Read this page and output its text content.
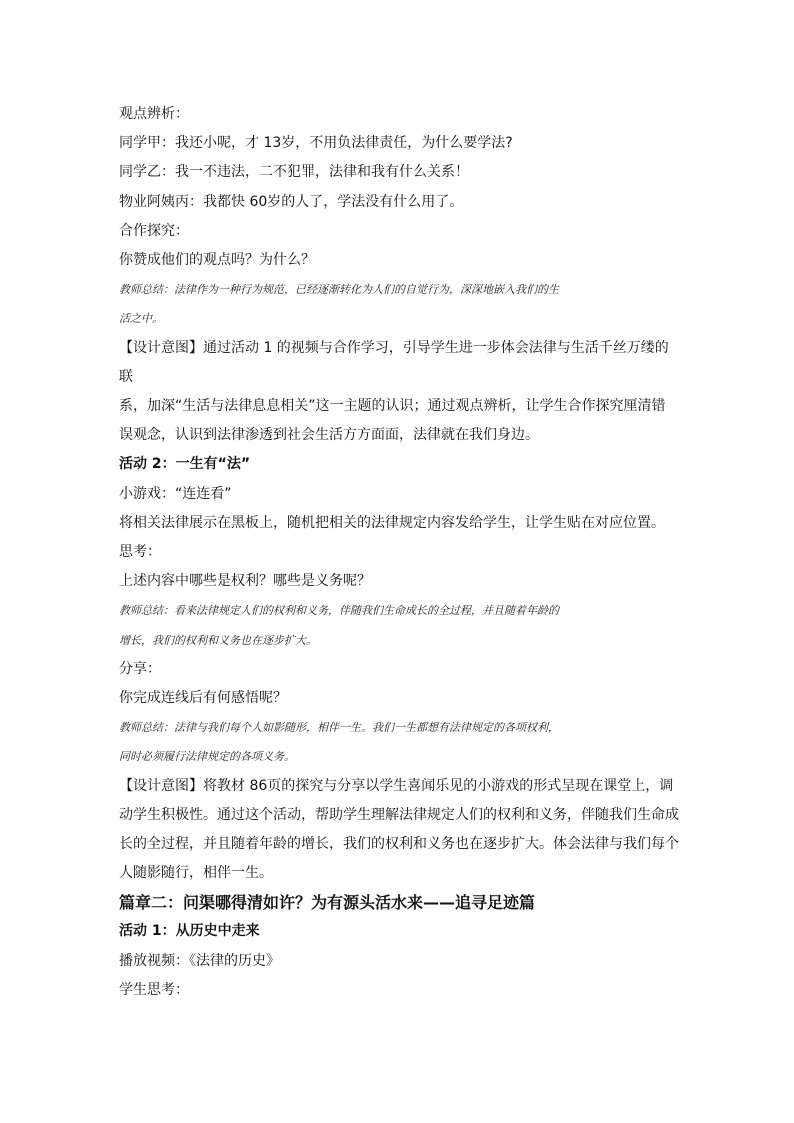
观点辨析：

同学甲：我还小呢，才 13岁，不用负法律责任，为什么要学法?

同学乙：我一不违法，二不犯罪，法律和我有什么关系！

物业阿姨丙：我都快 60岁的人了，学法没有什么用了。

合作探究：

你赞成他们的观点吗？为什么？

教师总结：法律作为一种行为规范，已经逐渐转化为人们的自觉行为，深深地嵌入我们的生

活之中。

【设计意图】通过活动 1 的视频与合作学习，引导学生进一步体会法律与生活千丝万缕的联

系，加深“生活与法律息息相关”这一主题的认识；通过观点辨析，让学生合作探究厘清错

误观念，认识到法律渗透到社会生活方方面面，法律就在我们身边。

活动 2：一生有“法”

小游戏：“连连看”

将相关法律展示在黑板上，随机把相关的法律规定内容发给学生，让学生贴在对应位置。

思考：

上述内容中哪些是权利？哪些是义务呢？

教师总结：看来法律规定人们的权利和义务，伴随我们生命成长的全过程，并且随着年龄的

增长，我们的权利和义务也在逐步扩大。

分享：

你完成连线后有何感悟呢？

教师总结：法律与我们每个人如影随形，相伴一生。我们一生都想有法律规定的各项权利，

同时必须履行法律规定的各项义务。

【设计意图】将教材 86页的探究与分享以学生喜闻乐见的小游戏的形式呈现在课堂上，调

动学生积极性。通过这个活动，帮助学生理解法律规定人们的权利和义务，伴随我们生命成

长的全过程，并且随着年龄的增长，我们的权利和义务也在逐步扩大。体会法律与我们每个

人随影随行，相伴一生。

篇章二：问渠哪得清如许？为有源头活水来——追寻足迹篇

活动 1：从历史中走来

播放视频：《法律的历史》

学生思考：
